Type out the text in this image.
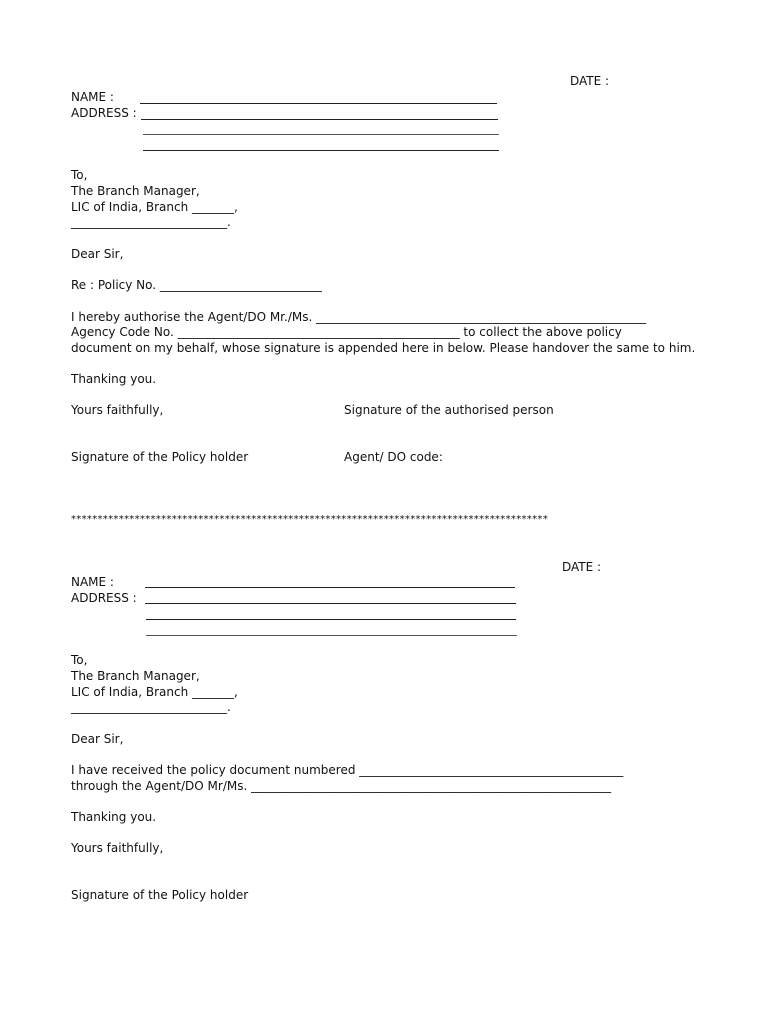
DATE :
NAME :
ADDRESS :
To,
The Branch Manager,
LIC of India, Branch _______,
__________________________.
Dear Sir,
Re : Policy No. ___________________________
I hereby authorise the Agent/DO Mr./Ms. _______________________________________________________
Agency Code No. _______________________________________________ to collect the above policy
document on my behalf, whose signature is appended here in below. Please handover the same to him.
Thanking you.
Yours faithfully,	Signature of the authorised person
Signature of the Policy holder	Agent/ DO code:
******************************************************************************************
DATE :
NAME :
ADDRESS :
To,
The Branch Manager,
LIC of India, Branch _______,
__________________________.
Dear Sir,
I have received the policy document numbered ____________________________________________
through the Agent/DO Mr/Ms. ____________________________________________________________
Thanking you.
Yours faithfully,
Signature of the Policy holder
